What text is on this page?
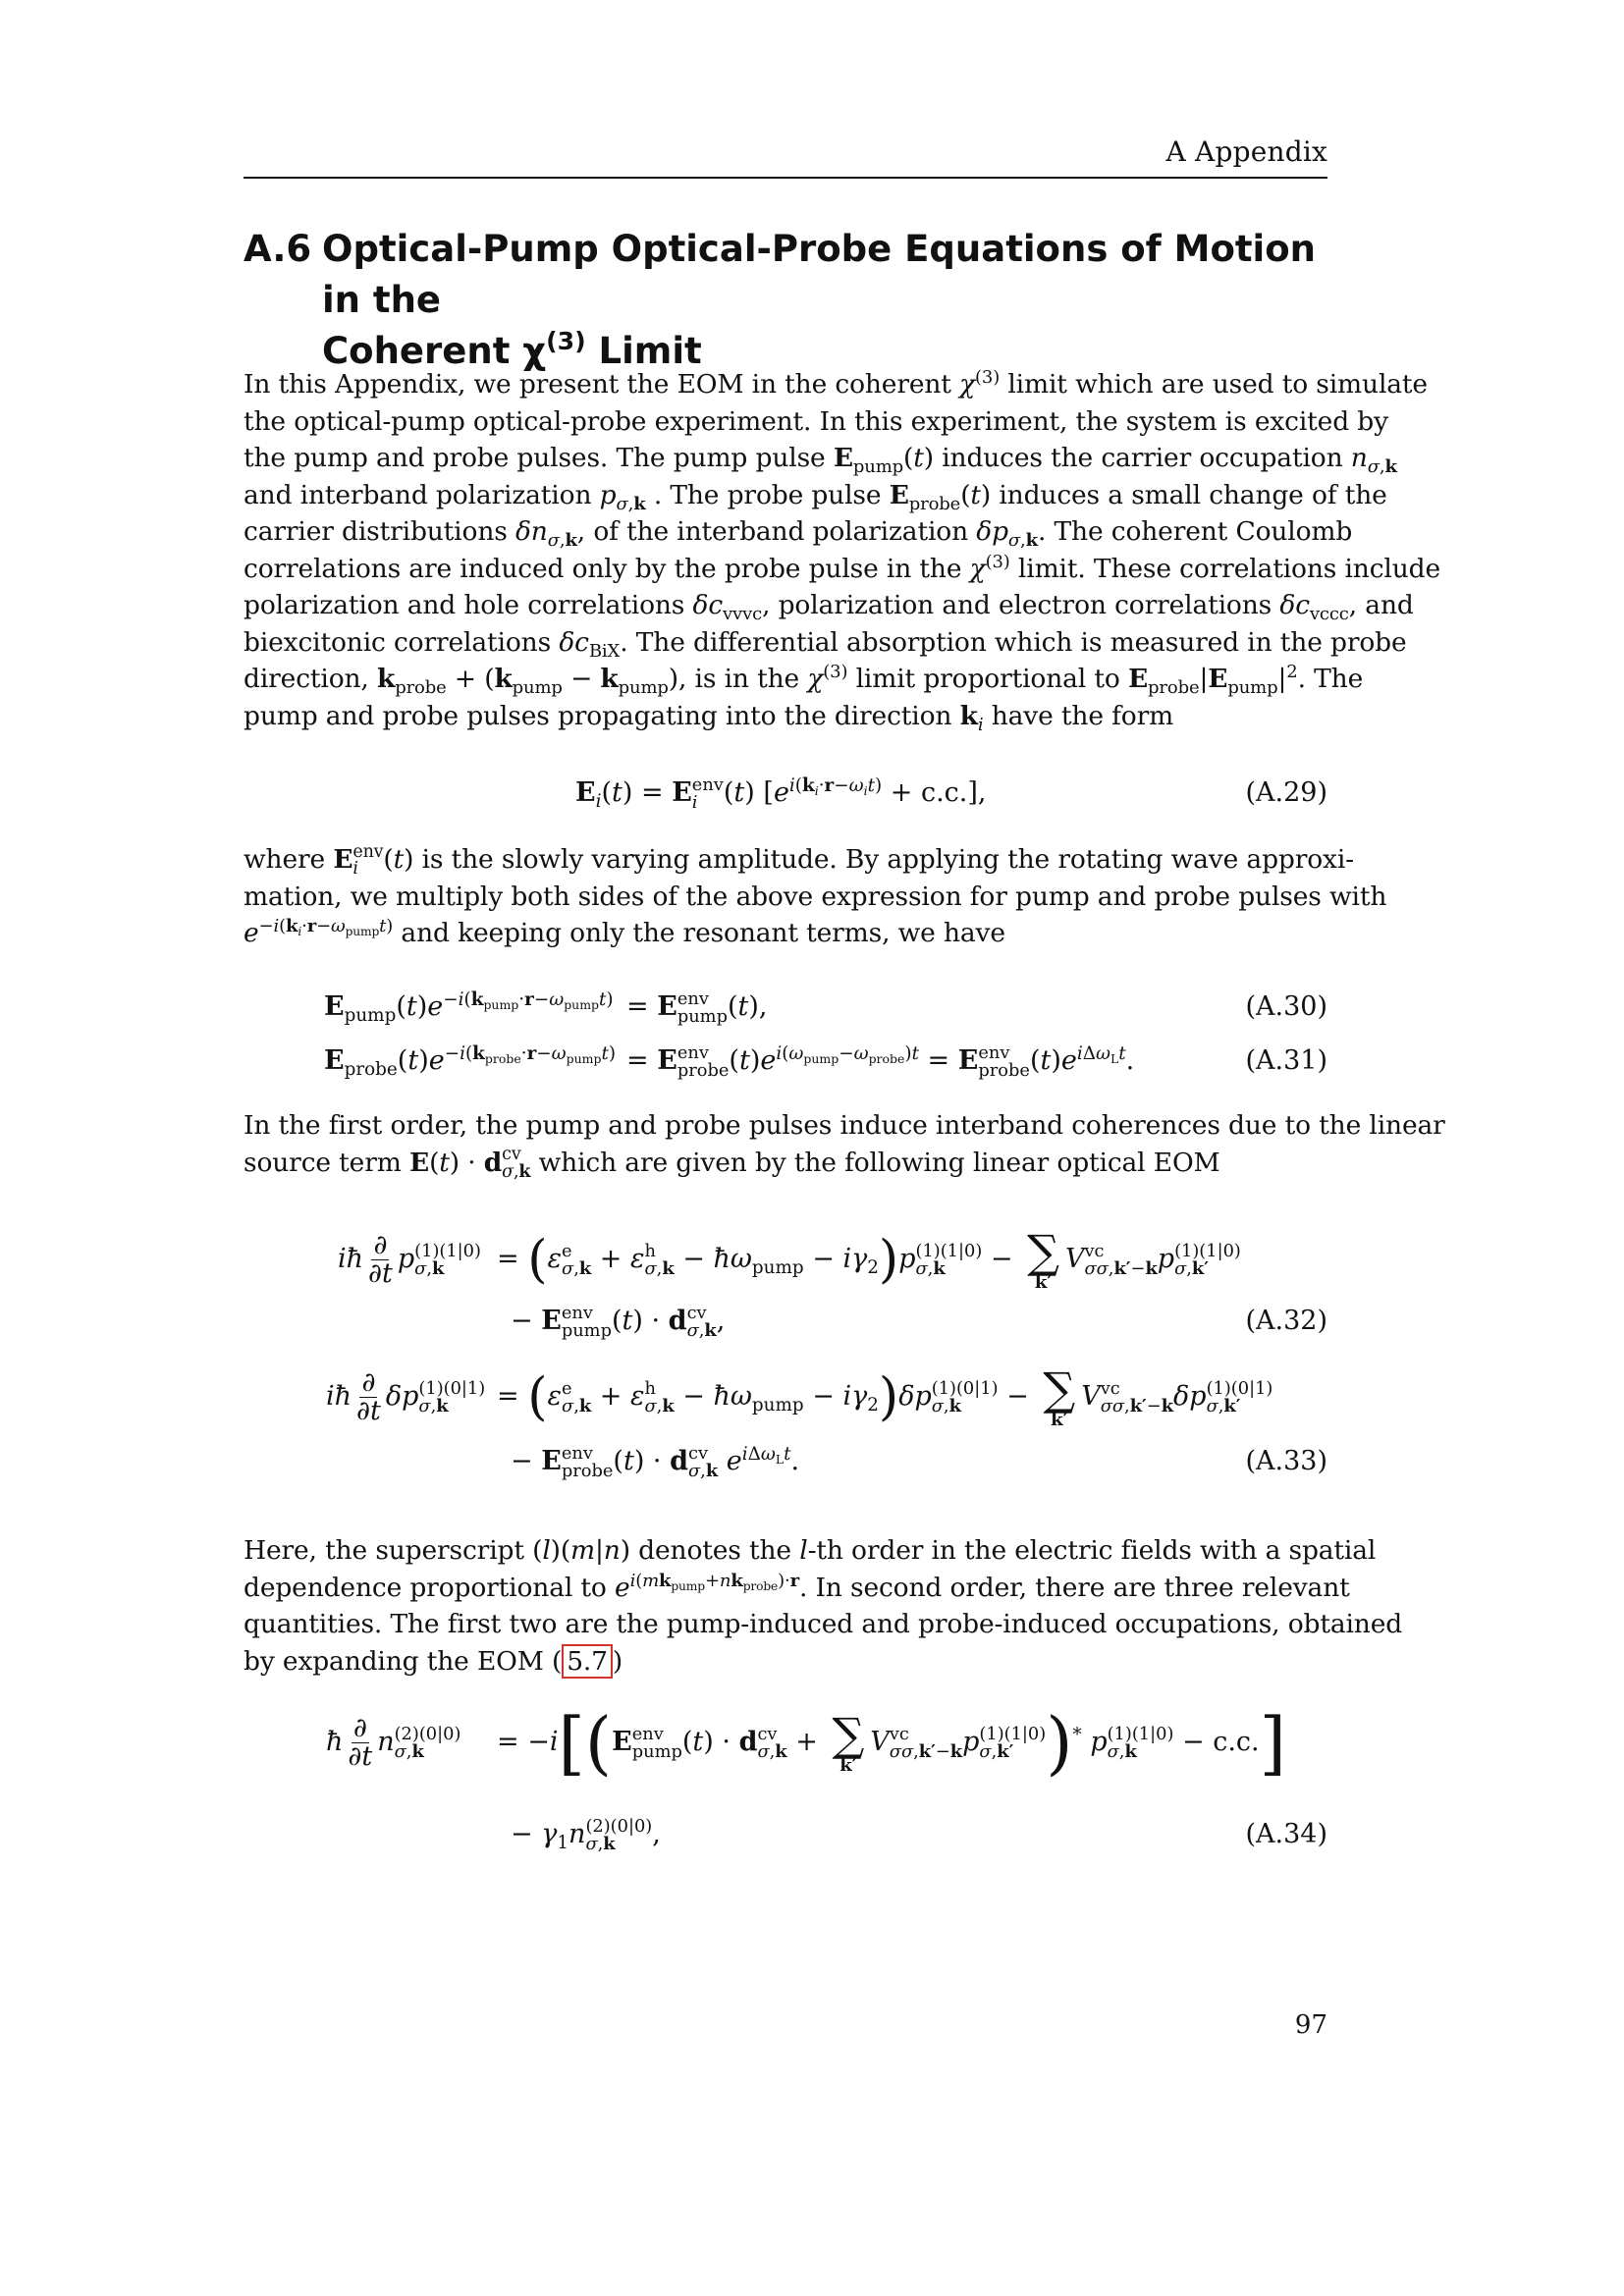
A Appendix
A.6 Optical-Pump Optical-Probe Equations of Motion in the
Coherent $\chi^{(3)}$ Limit
In this Appendix, we present the EOM in the coherent $\chi^{(3)}$ limit which are used to simulate
the optical-pump optical-probe experiment. In this experiment, the system is excited by
the pump and probe pulses. The pump pulse $E_{pump}(t)$ induces the carrier occupation $n_{\sigma,k}$
and interband polarization $p_{\sigma,k}$ . The probe pulse $E_{probe}(t)$ induces a small change of the
carrier distributions $\delta n_{\sigma,k}$, of the interband polarization $\delta p_{\sigma,k}$. The coherent Coulomb
correlations are induced only by the probe pulse in the $\chi^{(3)}$ limit. These correlations include
polarization and hole correlations $\delta c_{vvvc}$, polarization and electron correlations $\delta c_{vccc}$, and
biexcitonic correlations $\delta c_{BiX}$. The differential absorption which is measured in the probe
direction, $k_{probe} + (k_{pump} - k_{pump})$, is in the $\chi^{(3)}$ limit proportional to $E_{probe}|E_{pump}|^2$. The
pump and probe pulses propagating into the direction $k_i$ have the form
$E_i(t) = E$ env
i (t) $[e^{i(k_i\cdot r-\omega_it)} + c.c.]$,	(A.29)
where E env
i (t) is the slowly varying amplitude. By applying the rotating wave approxi-
mation, we multiply both sides of the above expression for pump and probe pulses with
$e^{-i(k_i\cdot r-\omega_{pump}t)}$ and keeping only the resonant terms, we have
$E_{pump}(t)e^{-i(k_{pump}\cdot r-\omega_{pump}t)} = E$ env
pump (t),	(A.30)
$E_{probe}(t)e^{-i(k_{probe}\cdot r-\omega_{pump}t)} = E$ env
probe $(t)e^{i(\omega_{pump}-\omega_{probe})t} = E$ env
probe $(t)e^{i\Delta\omega_Lt}$.	(A.31)
In the first order, the pump and probe pulses induce interband coherences due to the linear
source term E(t) · d cv
σ,k which are given by the following linear optical EOM
iħ $\frac{\partial}{\partial t}$ p (1)(1|0)
σ,k	= (ε e
σ,k + ε h
$\sigma,k - ħ\omega_{pump} - i\gamma_2)p$ (1)(1|0)
σ,k	− ∑
k′
V vc
σσ,k′−k p (1)(1|0)
σ,k′
− E env
pump (t) · d cv
σ,k ,	(A.32)
iħ $\frac{\partial}{\partial t}$ δp (1)(0|1)
σ,k	= (ε e
σ,k + ε h
$\sigma,k - ħ\omega_{pump} - i\gamma_2)\delta p$ (1)(0|1)
σ,k	− ∑
k′
V vc
σσ,k′−k δp (1)(0|1)
σ,k′
− E env
probe (t) · d cv
σ,k $e^{i\Delta\omega_Lt}$.	(A.33)
Here, the superscript (l)(m|n) denotes the l-th order in the electric fields with a spatial
dependence proportional to $e^{i(mk_{pump}+nk_{probe})\cdot r}$. In second order, there are three relevant
quantities. The first two are the pump-induced and probe-induced occupations, obtained
by expanding the EOM ( 5.7 )
ħ $\frac{\partial}{\partial t}$ n (2)(0|0)
σ,k	= −i[(E env
pump (t) · d cv
σ,k + ∑
k′
V vc
σσ,k′−k p (1)(1|0)
σ,k′ )* p (1)(1|0)
σ,k	− c.c.]
− $\gamma_1n$ (2)(0|0)
σ,k	,	(A.34)
97
